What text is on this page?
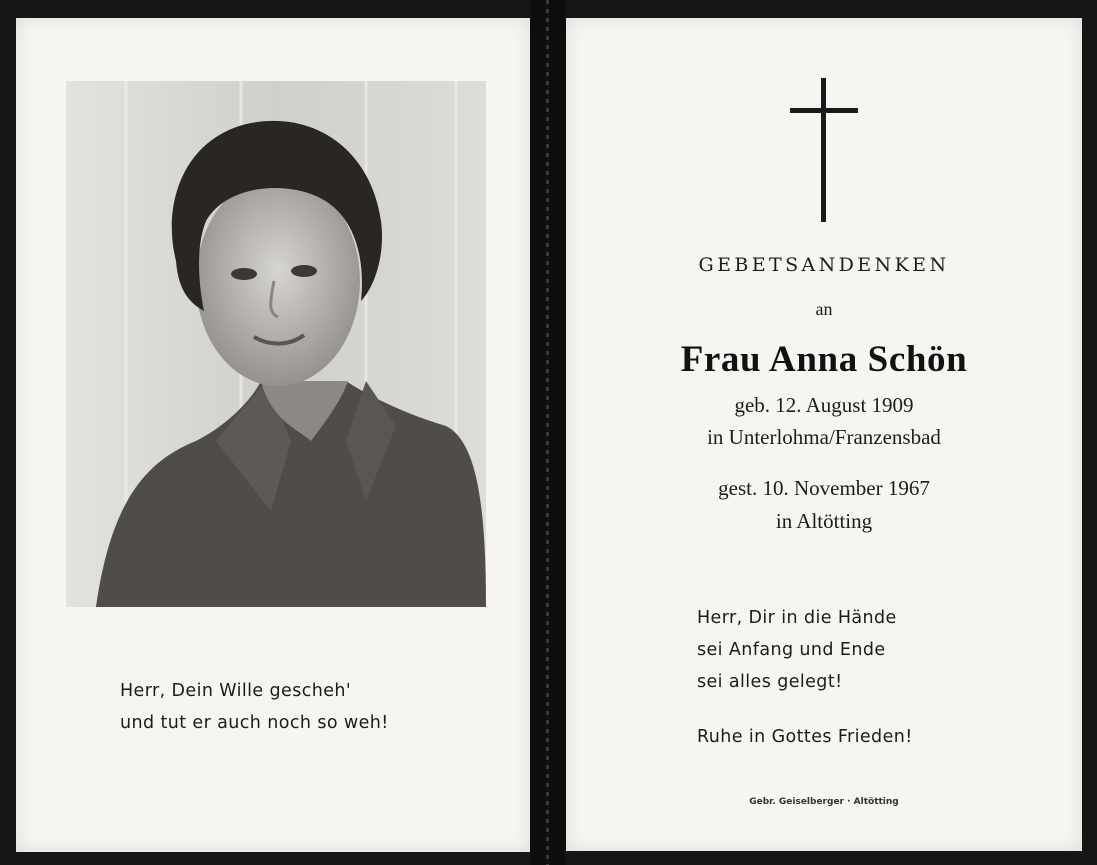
Herr, Dein Wille gescheh'
und tut er auch noch so weh!
GEBETSANDENKEN
an
Frau Anna Schön
geb. 12. August 1909
in Unterlohma/Franzensbad
gest. 10. November 1967
in Altötting
Herr, Dir in die Hände
sei Anfang und Ende
sei alles gelegt!
Ruhe in Gottes Frieden!
Gebr. Geiselberger · Altötting
